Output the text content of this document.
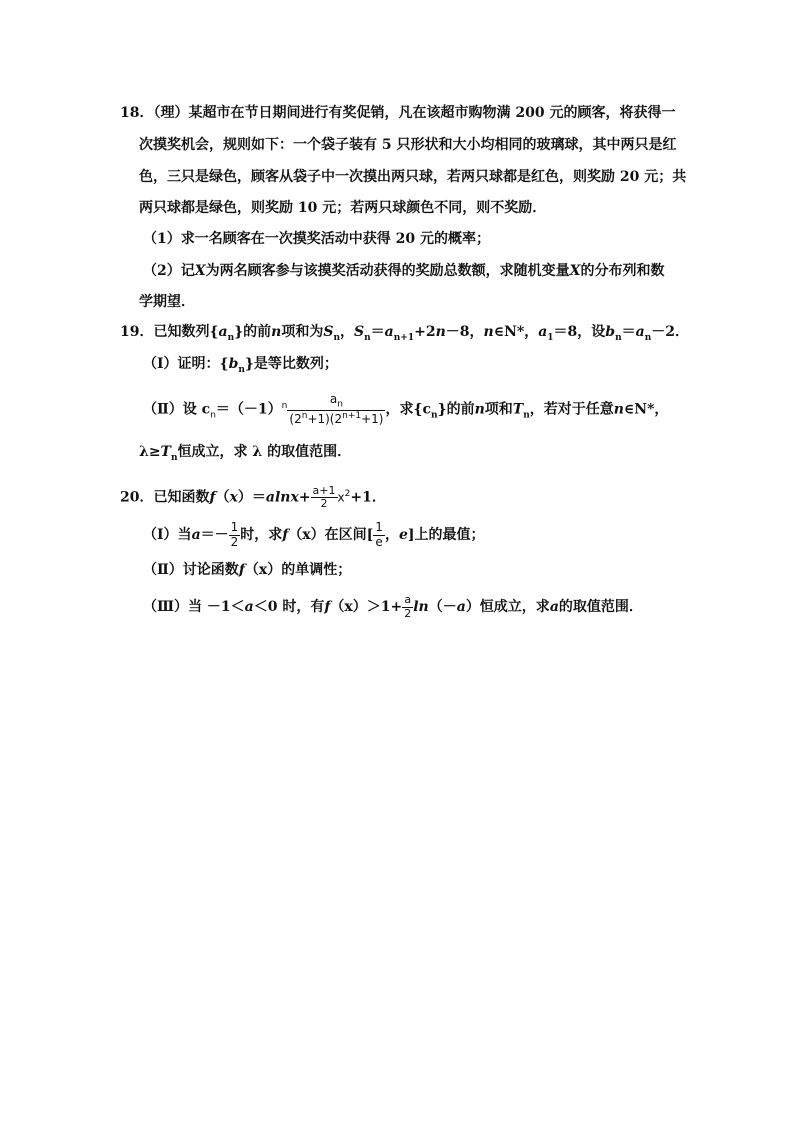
18．（理）某超市在节日期间进行有奖促销，凡在该超市购物满 200 元的顾客，将获得一
次摸奖机会，规则如下：一个袋子装有 5 只形状和大小均相同的玻璃球，其中两只是红
色，三只是绿色，顾客从袋子中一次摸出两只球，若两只球都是红色，则奖励 20 元；共
两只球都是绿色，则奖励 10 元；若两只球颜色不同，则不奖励．
（1）求一名顾客在一次摸奖活动中获得 20 元的概率；
（2）记X为两名顾客参与该摸奖活动获得的奖励总数额，求随机变量X的分布列和数
学期望．
19．已知数列$\{a_n\}$的前n项和为$S_n$，$S_n=a_{n+1}+2n-8$，n∈N*，$a_1=8$，设$b_n=a_n-2$．
（Ⅰ）证明：$\{b_n\}$是等比数列；
（Ⅱ）设 $c_n=(-1)^n \frac{a_n}{(2^n+1)(2^{n+1}+1)}$ ，求$\{c_n\}$的前n项和$T_n$，若对于任意n∈N*，
$\lambda\ge T_n$恒成立，求 λ 的取值范围．
20．已知函数$f(x)=alnx+ \frac{a+1}{2} x^2+1$．
（Ⅰ）当$a=- \frac{1}{2}$ 时，求f（x）在区间[ $\frac{1}{e}$ ，e]上的最值；
（Ⅱ）讨论函数f（x）的单调性；
（Ⅲ）当 －1＜a＜0 时，有$f(x)>1+ \frac{a}{2} \ln(-a)$恒成立，求a的取值范围．
